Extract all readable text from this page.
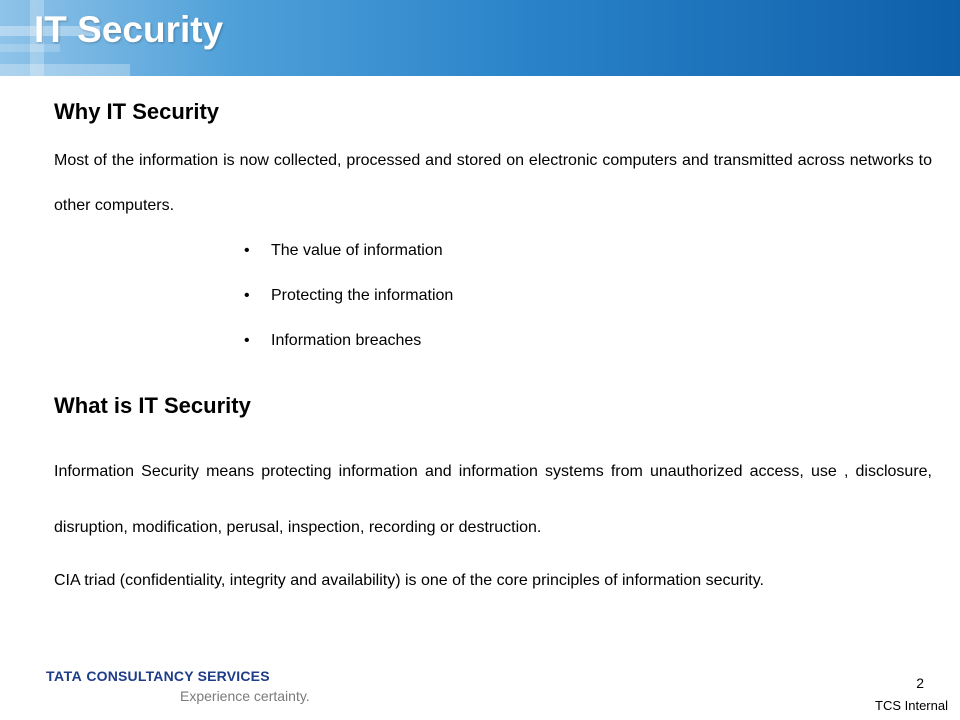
IT Security
Why IT Security

Most of the information is now collected, processed and stored on electronic computers and transmitted across networks to other computers.

• The value of information
• Protecting the information
• Information breaches
What is IT Security

Information Security means protecting information and information systems from unauthorized access, use , disclosure, disruption, modification, perusal, inspection, recording or destruction.

CIA triad (confidentiality, integrity and availability) is one of the core principles of information security.

TATA CONSULTANCY SERVICES
Experience certainty.
2
TCS Internal
